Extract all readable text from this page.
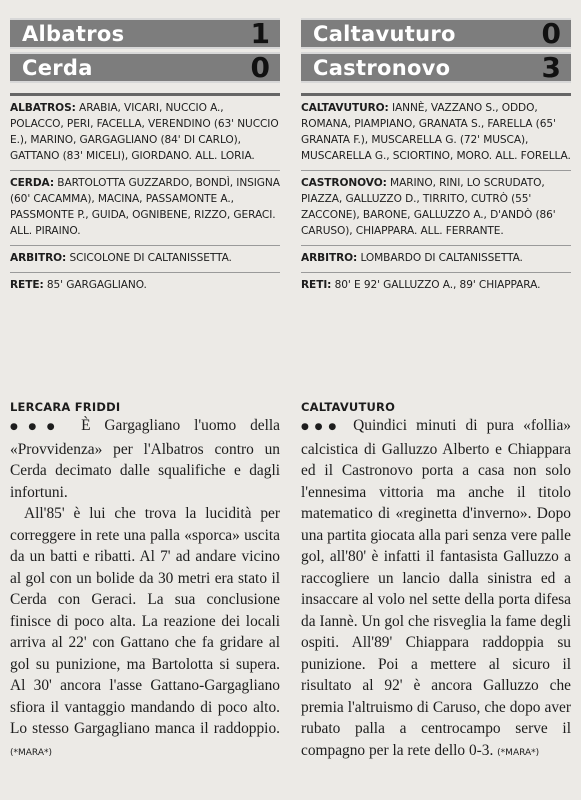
Albatros	1
Cerda	0
ALBATROS: ARABIA, VICARI, NUCCIO A., POLACCO, PERI, FACELLA, VERENDINO (63' NUCCIO E.), MARINO, GARGAGLIANO (84' DI CARLO), GATTANO (83' MICELI), GIORDANO. ALL. LORIA.
CERDA: BARTOLOTTA GUZZARDO, BONDÌ, INSIGNA (60' CACAMMA), MACINA, PASSAMONTE A., PASSMONTE P., GUIDA, OGNIBENE, RIZZO, GERACI. ALL. PIRAINO.
ARBITRO: SCICOLONE DI CALTANISSETTA.
RETE: 85' GARGAGLIANO.
Caltavuturo	0
Castronovo	3
CALTAVUTURO: IANNÈ, VAZZANO S., ODDO, ROMANA, PIAMPIANO, GRANATA S., FARELLA (65' GRANATA F.), MUSCARELLA G. (72' MUSCA), MUSCARELLA G., SCIORTINO, MORO. ALL. FORELLA.
CASTRONOVO: MARINO, RINI, LO SCRUDATO, PIAZZA, GALLUZZO D., TIRRITO, CUTRÒ (55' ZACCONE), BARONE, GALLUZZO A., D'ANDÒ (86' CARUSO), CHIAPPARA. ALL. FERRANTE.
ARBITRO: LOMBARDO DI CALTANISSETTA.
RETI: 80' E 92' GALLUZZO A., 89' CHIAPPARA.
LERCARA FRIDDI

●●● È Gargagliano l'uomo della «Provvidenza» per l'Albatros contro un Cerda decimato dalle squalifiche e dagli infortuni.

All'85' è lui che trova la lucidità per correggere in rete una palla «sporca» uscita da un batti e ribatti. Al 7' ad andare vicino al gol con un bolide da 30 metri era stato il Cerda con Geraci. La sua conclusione finisce di poco alta. La reazione dei locali arriva al 22' con Gattano che fa gridare al gol su punizione, ma Bartolotta si supera. Al 30' ancora l'asse Gattano-Gargagliano sfiora il vantaggio mandando di poco alto. Lo stesso Gargagliano manca il raddoppio. (*MARA*)

CALTAVUTURO

●●● Quindici minuti di pura «follia» calcistica di Galluzzo Alberto e Chiappara ed il Castronovo porta a casa non solo l'ennesima vittoria ma anche il titolo matematico di «reginetta d'inverno». Dopo una partita giocata alla pari senza vere palle gol, all'80' è infatti il fantasista Galluzzo a raccogliere un lancio dalla sinistra ed a insaccare al volo nel sette della porta difesa da Iannè. Un gol che risveglia la fame degli ospiti. All'89' Chiappara raddoppia su punizione. Poi a mettere al sicuro il risultato al 92' è ancora Galluzzo che premia l'altruismo di Caruso, che dopo aver rubato palla a centrocampo serve il compagno per la rete dello 0-3. (*MARA*)
